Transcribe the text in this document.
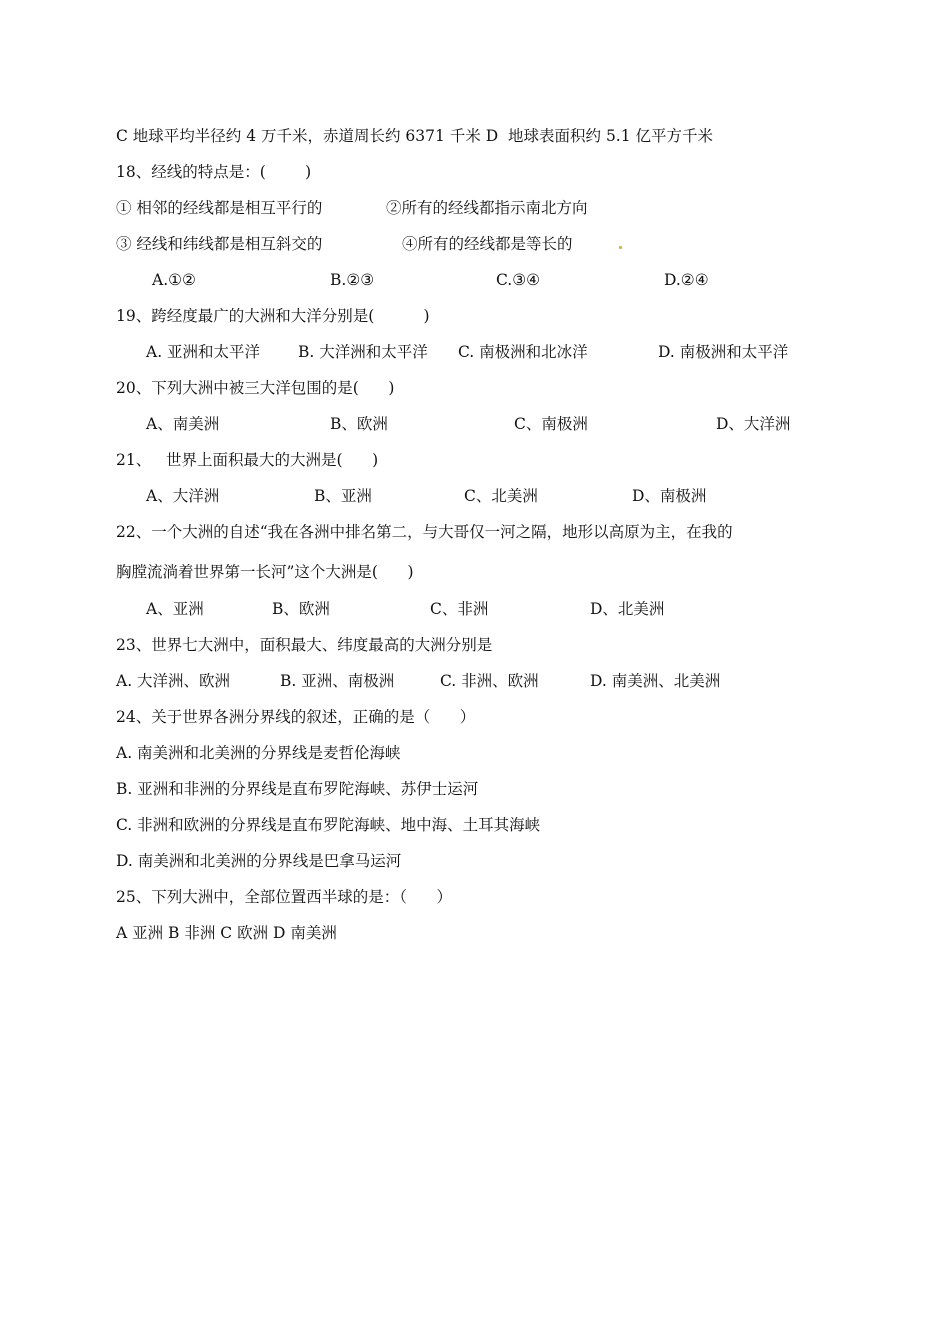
C 地球平均半径约 4 万千米，赤道周长约 6371 千米 D  地球表面积约 5.1 亿平方千米
18、经线的特点是：(        )
① 相邻的经线都是相互平行的	②所有的经线都指示南北方向
③ 经线和纬线都是相互斜交的	④所有的经线都是等长的
A.①②	B.②③	C.③④	D.②④
19、跨经度最广的大洲和大洋分别是(          )
A. 亚洲和太平洋 B. 大洋洲和太平洋 C. 南极洲和北冰洋	D. 南极洲和太平洋
20、下列大洲中被三大洋包围的是(      )
A、南美洲	B、欧洲	C、南极洲	D、大洋洲
21、   世界上面积最大的大洲是(      )
A、大洋洲	B、亚洲	C、北美洲	D、南极洲
22、一个大洲的自述“我在各洲中排名第二，与大哥仅一河之隔，地形以高原为主，在我的
胸膛流淌着世界第一长河”这个大洲是(      )
A、亚洲	B、欧洲	C、非洲	D、北美洲
23、世界七大洲中，面积最大、纬度最高的大洲分别是
A. 大洋洲、欧洲	B. 亚洲、南极洲	C. 非洲、欧洲	D. 南美洲、北美洲
24、关于世界各洲分界线的叙述，正确的是（      ）
A. 南美洲和北美洲的分界线是麦哲伦海峡
B. 亚洲和非洲的分界线是直布罗陀海峡、苏伊士运河
C. 非洲和欧洲的分界线是直布罗陀海峡、地中海、土耳其海峡
D. 南美洲和北美洲的分界线是巴拿马运河
25、下列大洲中，全部位置西半球的是：（      ）
A 亚洲 B 非洲 C 欧洲 D 南美洲
